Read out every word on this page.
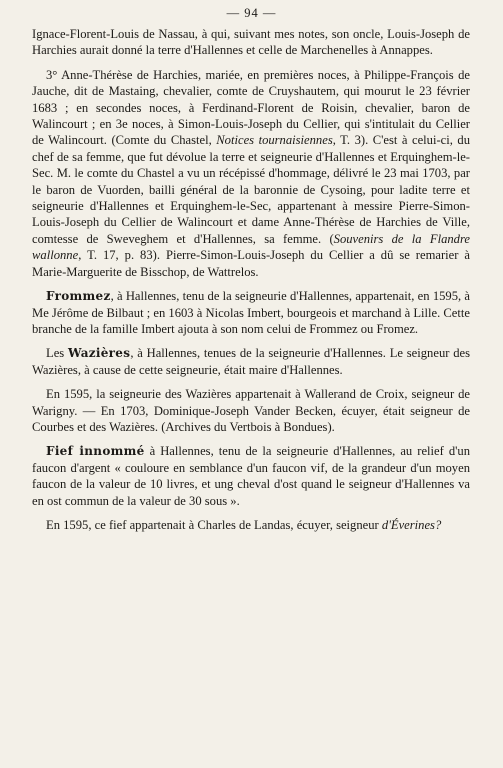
— 94 —

Ignace-Florent-Louis de Nassau, à qui, suivant mes notes, son oncle, Louis-Joseph de Harchies aurait donné la terre d'Hallennes et celle de Marchenelles à Annappes.

3° Anne-Thérèse de Harchies, mariée, en premières noces, à Philippe-François de Jauche, dit de Mastaing, chevalier, comte de Cruyshautem, qui mourut le 23 février 1683 ; en secondes noces, à Ferdinand-Florent de Roisin, chevalier, baron de Walincourt ; en 3e noces, à Simon-Louis-Joseph du Cellier, qui s'intitulait du Cellier de Walincourt. (Comte du Chastel, Notices tournaisiennes, T. 3). C'est à celui-ci, du chef de sa femme, que fut dévolue la terre et seigneurie d'Hallennes et Erquinghem-le-Sec. M. le comte du Chastel a vu un récépissé d'hommage, délivré le 23 mai 1703, par le baron de Vuorden, bailli général de la baronnie de Cysoing, pour ladite terre et seigneurie d'Hallennes et Erquinghem-le-Sec, appartenant à messire Pierre-Simon-Louis-Joseph du Cellier de Walincourt et dame Anne-Thérèse de Harchies de Ville, comtesse de Sweveghem et d'Hallennes, sa femme. (Souvenirs de la Flandre wallonne, T. 17, p. 83). Pierre-Simon-Louis-Joseph du Cellier a dû se remarier à Marie-Marguerite de Bisschop, de Wattrelos.

Frommez, à Hallennes, tenu de la seigneurie d'Hallennes, appartenait, en 1595, à Me Jérôme de Bilbaut ; en 1603 à Nicolas Imbert, bourgeois et marchand à Lille. Cette branche de la famille Imbert ajouta à son nom celui de Frommez ou Fromez.

Les Wazières, à Hallennes, tenues de la seigneurie d'Hallennes. Le seigneur des Wazières, à cause de cette seigneurie, était maire d'Hallennes.

En 1595, la seigneurie des Wazières appartenait à Wallerand de Croix, seigneur de Warigny. — En 1703, Dominique-Joseph Vander Becken, écuyer, était seigneur de Courbes et des Wazières. (Archives du Vertbois à Bondues).

Fief innommé à Hallennes, tenu de la seigneurie d'Hallennes, au relief d'un faucon d'argent « couloure en semblance d'un faucon vif, de la grandeur d'un moyen faucon de la valeur de 10 livres, et ung cheval d'ost quand le seigneur d'Hallennes va en ost commun de la valeur de 30 sous ».

En 1595, ce fief appartenait à Charles de Landas, écuyer, seigneur d'Éverines?
